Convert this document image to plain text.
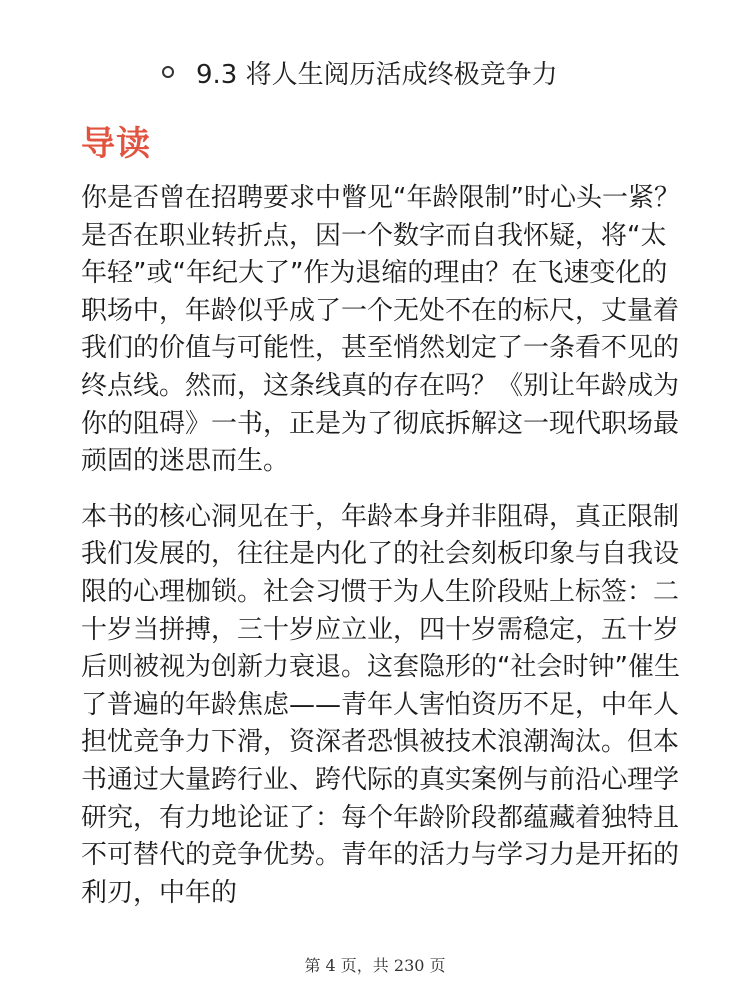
9.3 将人生阅历活成终极竞争力
导读

你是否曾在招聘要求中瞥见“年龄限制”时心头一紧？是否在职业转折点，因一个数字而自我怀疑，将“太年轻”或“年纪大了”作为退缩的理由？在飞速变化的职场中，年龄似乎成了一个无处不在的标尺，丈量着我们的价值与可能性，甚至悄然划定了一条看不见的终点线。然而，这条线真的存在吗？《别让年龄成为你的阻碍》一书，正是为了彻底拆解这一现代职场最顽固的迷思而生。

本书的核心洞见在于，年龄本身并非阻碍，真正限制我们发展的，往往是内化了的社会刻板印象与自我设限的心理枷锁。社会习惯于为人生阶段贴上标签：二十岁当拼搏，三十岁应立业，四十岁需稳定，五十岁后则被视为创新力衰退。这套隐形的“社会时钟”催生了普遍的年龄焦虑——青年人害怕资历不足，中年人担忧竞争力下滑，资深者恐惧被技术浪潮淘汰。但本书通过大量跨行业、跨代际的真实案例与前沿心理学研究，有力地论证了：每个年龄阶段都蕴藏着独特且不可替代的竞争优势。青年的活力与学习力是开拓的利刃，中年的

第 4 页，共 230 页
